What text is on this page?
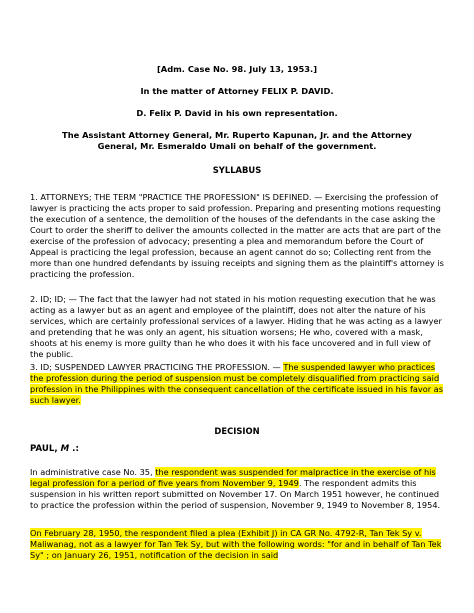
[Adm. Case No. 98. July 13, 1953.]

In the matter of Attorney FELIX P. DAVID.

D. Felix P. David in his own representation.

The Assistant Attorney General, Mr. Ruperto Kapunan, Jr. and the Attorney

General, Mr. Esmeraldo Umali on behalf of the government.

SYLLABUS

1. ATTORNEYS; THE TERM "PRACTICE THE PROFESSION" IS DEFINED. — Exercising the profession of lawyer is practicing the acts proper to said profession. Preparing and presenting motions requesting the execution of a sentence, the demolition of the houses of the defendants in the case asking the Court to order the sheriff to deliver the amounts collected in the matter are acts that are part of the exercise of the profession of advocacy; presenting a plea and memorandum before the Court of Appeal is practicing the legal profession, because an agent cannot do so; Collecting rent from the more than one hundred defendants by issuing receipts and signing them as the plaintiff's attorney is practicing the profession.

2. ID; ID; — The fact that the lawyer had not stated in his motion requesting execution that he was acting as a lawyer but as an agent and employee of the plaintiff, does not alter the nature of his services, which are certainly professional services of a lawyer. Hiding that he was acting as a lawyer and pretending that he was only an agent, his situation worsens; He who, covered with a mask, shoots at his enemy is more guilty than he who does it with his face uncovered and in full view of the public.

3. ID; SUSPENDED LAWYER PRACTICING THE PROFESSION. — The suspended lawyer who practices the profession during the period of suspension must be completely disqualified from practicing said profession in the Philippines with the consequent cancellation of the certificate issued in his favor as such lawyer.

DECISION

PAUL, M .:

In administrative case No. 35, the respondent was suspended for malpractice in the exercise of his legal profession for a period of five years from November 9, 1949. The respondent admits this suspension in his written report submitted on November 17. On March 1951 however, he continued to practice the profession within the period of suspension, November 9, 1949 to November 8, 1954.

On February 28, 1950, the respondent filed a plea (Exhibit J) in CA GR No. 4792-R, Tan Tek Sy v. Maliwanag, not as a lawyer for Tan Tek Sy, but with the following words: "for and in behalf of Tan Tek Sy" ; on January 26, 1951, notification of the decision in said
